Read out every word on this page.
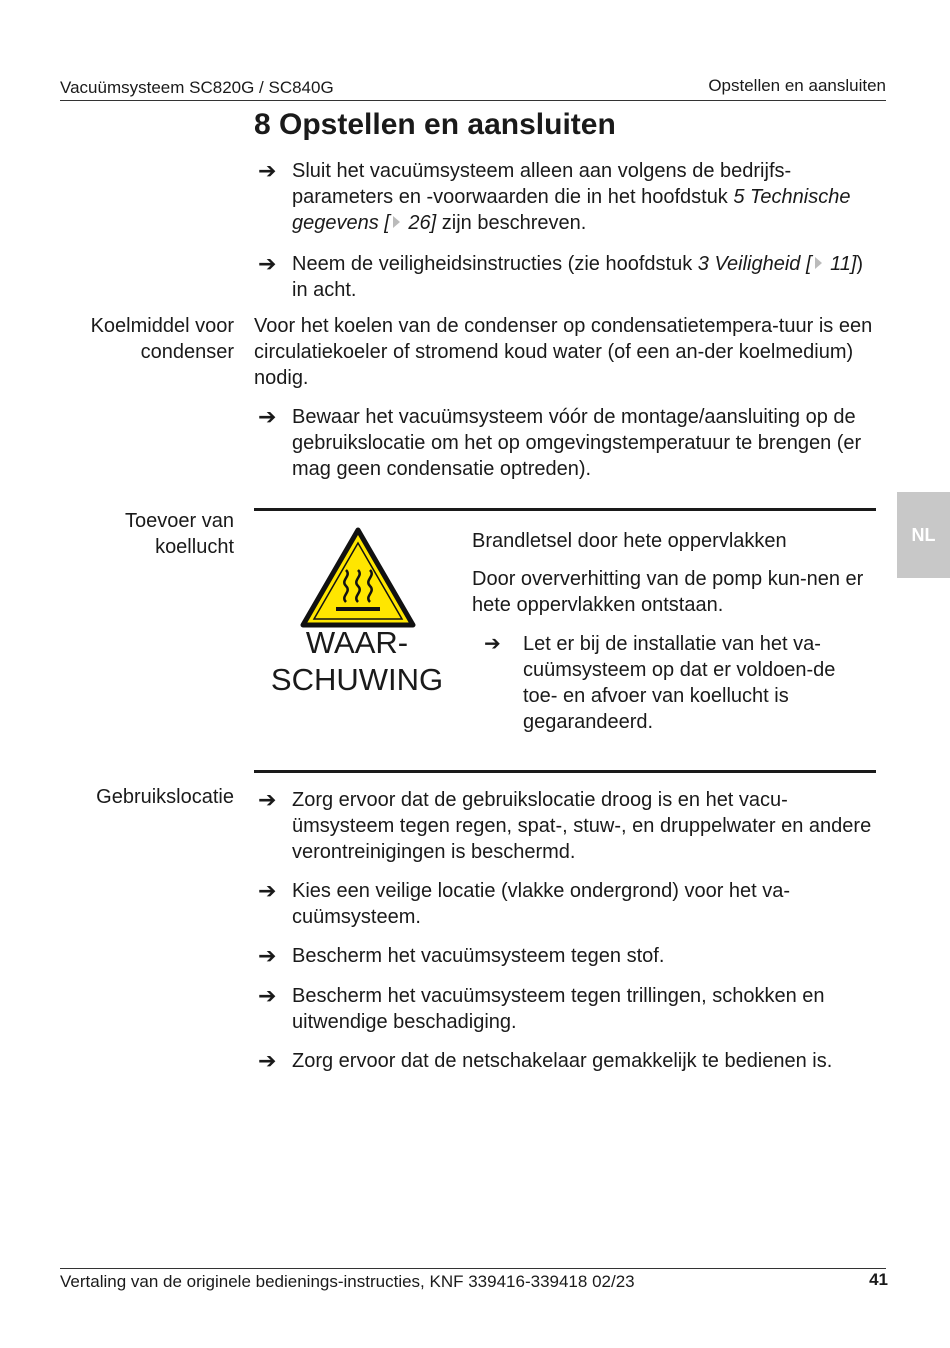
Vacuümsysteem SC820G / SC840G	Opstellen en aansluiten
8 Opstellen en aansluiten
➔ Sluit het vacuümsysteem alleen aan volgens de bedrijfs-parameters en -voorwaarden die in het hoofdstuk 5 Technische gegevens [ 26] zijn beschreven.
➔ Neem de veiligheidsinstructies (zie hoofdstuk 3 Veiligheid [ 11]) in acht.
Koelmiddel voor
condenser
Voor het koelen van de condenser op condensatietempera-tuur is een circulatiekoeler of stromend koud water (of een an-der koelmedium) nodig.
➔ Bewaar het vacuümsysteem vóór de montage/aansluiting op de gebruikslocatie om het op omgevingstemperatuur te brengen (er mag geen condensatie optreden).
Toevoer van
koellucht
WAAR-
SCHUWING
Brandletsel door hete oppervlakken
Door oververhitting van de pomp kun-nen er hete oppervlakken ontstaan.
➔ Let er bij de installatie van het va-cuümsysteem op dat er voldoen-de toe- en afvoer van koellucht is gegarandeerd.
Gebruikslocatie ➔ Zorg ervoor dat de gebruikslocatie droog is en het vacu-ümsysteem tegen regen, spat-, stuw-, en druppelwater en andere verontreinigingen is beschermd.
➔ Kies een veilige locatie (vlakke ondergrond) voor het va-cuümsysteem.
➔ Bescherm het vacuümsysteem tegen stof.
➔ Bescherm het vacuümsysteem tegen trillingen, schokken en uitwendige beschadiging.
➔ Zorg ervoor dat de netschakelaar gemakkelijk te bedienen is.
NL
Vertaling van de originele bedienings-instructies, KNF 339416-339418 02/23	41
